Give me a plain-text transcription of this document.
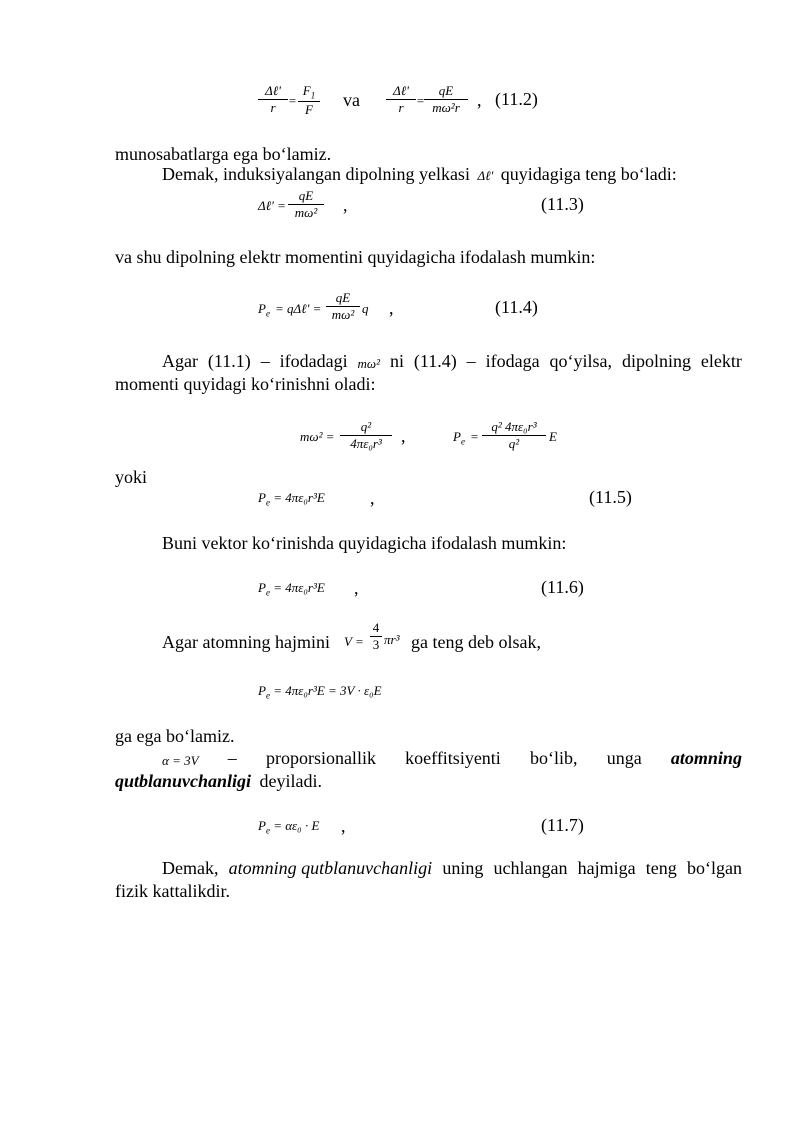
Δℓ'
r =
$F_1$
F	va	Δℓ'
r =
qE
mω²r , (11.2)
munosabatlarga ega bo‘lamiz.
Demak, induksiyalangan dipolning yelkasi Δℓ' quyidagiga teng bo‘ladi:
Δℓ' =
qE
mω²	,	(11.3)
va shu dipolning elektr momentini quyidagicha ifodalash mumkin:
$P_e$ = qΔℓ' =
qE
mω² q ,	(11.4)
Agar (11.1) – ifodadagi mω² ni (11.4) – ifodaga qo‘yilsa, dipolning elektr
momenti quyidagi ko‘rinishni oladi:
mω² =
q²
4πε₀r³	,	$P_e$ =
q² 4πε₀r³
q²	E
yoki
$P_e = 4\pi\varepsilon_0r^3E$	,	(11.5)
Buni vektor ko‘rinishda quyidagicha ifodalash mumkin:
$P_e = 4\pi\varepsilon_0r^3E$ ,	(11.6)
Agar atomning hajmini V =
4
3 πr³ ga teng deb olsak,
$P_e = 4\pi\varepsilon_0r^3E = 3V \cdot \varepsilon_0E$
ga ega bo‘lamiz.
α = 3V – proporsionallik koeffitsiyenti bo‘lib, unga atomning
qutblanuvchanligi deyiladi.
$P_e = \alpha\varepsilon_0 \cdot E$ ,	(11.7)
Demak, atomning qutblanuvchanligi uning uchlangan hajmiga teng bo‘lgan
fizik kattalikdir.
